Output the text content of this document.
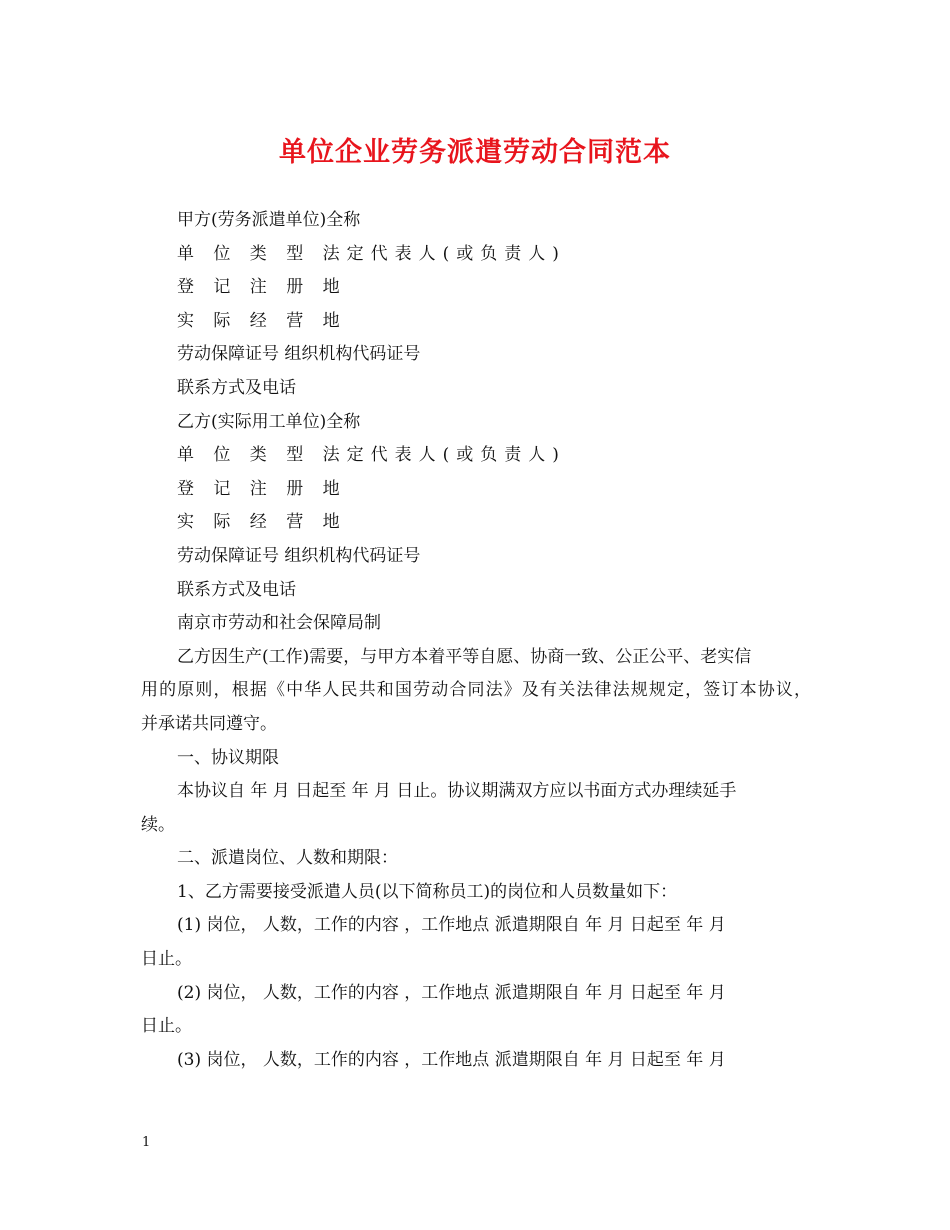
单位企业劳务派遣劳动合同范本
甲方(劳务派遣单位)全称
单 位 类 型 法定代表人(或负责人)
登 记 注 册 地
实 际 经 营 地
劳动保障证号 组织机构代码证号
联系方式及电话
乙方(实际用工单位)全称
单 位 类 型 法定代表人(或负责人)
登 记 注 册 地
实 际 经 营 地
劳动保障证号 组织机构代码证号
联系方式及电话
南京市劳动和社会保障局制
乙方因生产(工作)需要，与甲方本着平等自愿、协商一致、公正公平、老实信
用的原则，根据《中华人民共和国劳动合同法》及有关法律法规规定，签订本协议，
并承诺共同遵守。
一、协议期限
本协议自 年 月 日起至 年 月 日止。协议期满双方应以书面方式办理续延手
续。
二、派遣岗位、人数和期限：
1、乙方需要接受派遣人员(以下简称员工)的岗位和人员数量如下：
(1) 岗位， 人数，工作的内容 ，工作地点 派遣期限自 年 月 日起至 年 月
日止。
(2) 岗位， 人数，工作的内容 ，工作地点 派遣期限自 年 月 日起至 年 月
日止。
(3) 岗位， 人数，工作的内容 ，工作地点 派遣期限自 年 月 日起至 年 月
1
